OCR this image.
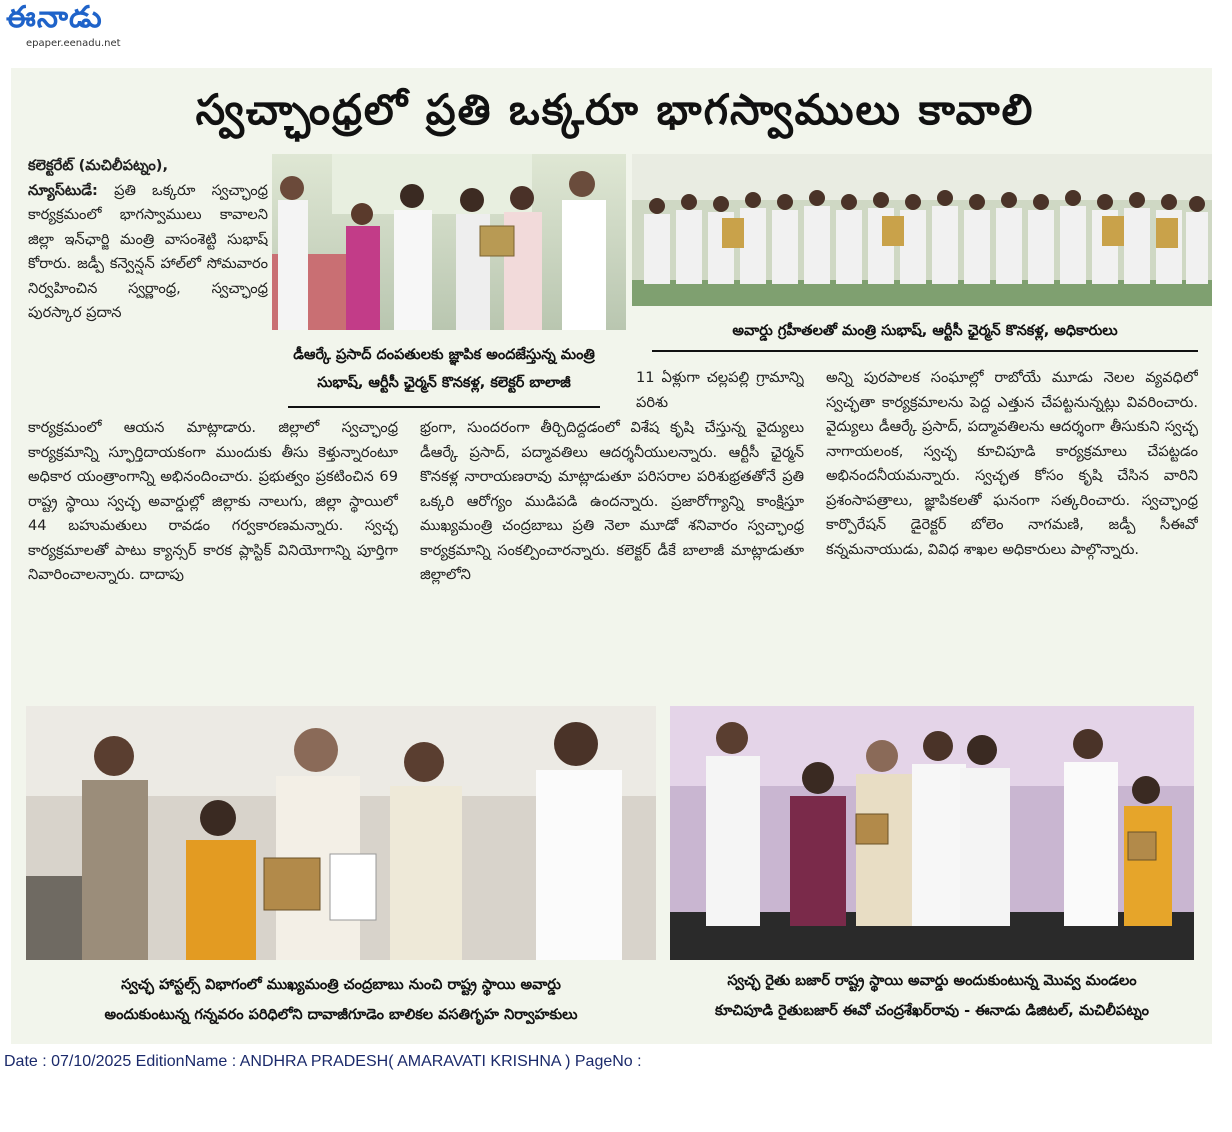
ఈనాడు
epaper.eenadu.net
స్వచ్ఛాంధ్రలో ప్రతి ఒక్కరూ భాగస్వాములు కావాలి
డీఆర్కే ప్రసాద్ దంపతులకు జ్ఞాపిక అందజేస్తున్న మంత్రి
సుభాష్, ఆర్టీసీ ఛైర్మన్ కొనకళ్ల, కలెక్టర్ బాలాజీ
అవార్డు గ్రహీతలతో మంత్రి సుభాష్, ఆర్టీసీ ఛైర్మన్ కొనకళ్ల, అధికారులు

కలెక్టరేట్ (మచిలీపట్నం),

న్యూస్‌టుడే: ప్రతి ఒక్కరూ స్వచ్ఛాంధ్ర కార్యక్రమంలో భాగస్వాములు కావాలని జిల్లా ఇన్‌ఛార్జి మంత్రి వాసంశెట్టి సుభాష్ కోరారు. జడ్పీ కన్వెన్షన్ హాల్‌లో సోమవారం నిర్వహించిన స్వర్ణాంధ్ర, స్వచ్ఛాంధ్ర పురస్కార ప్రదాన

కార్యక్రమంలో ఆయన మాట్లాడారు. జిల్లాలో స్వచ్ఛాంధ్ర కార్యక్రమాన్ని స్ఫూర్తిదాయకంగా ముందుకు తీసు కెళ్తున్నారంటూ అధికార యంత్రాంగాన్ని అభినందించారు. ప్రభుత్వం ప్రకటించిన 69 రాష్ట్ర స్థాయి స్వచ్ఛ అవార్డుల్లో జిల్లాకు నాలుగు, జిల్లా స్థాయిలో 44 బహుమతులు రావడం గర్వకారణమన్నారు. స్వచ్ఛ కార్యక్రమాలతో పాటు క్యాన్సర్ కారక ప్లాస్టిక్ వినియోగాన్ని పూర్తిగా నివారించాలన్నారు. దాదాపు

11 ఏళ్లుగా చల్లపల్లి గ్రామాన్ని పరిశు

భ్రంగా, సుందరంగా తీర్చిదిద్దడంలో విశేష కృషి చేస్తున్న వైద్యులు డీఆర్కే ప్రసాద్, పద్మావతిలు ఆదర్శనీయులన్నారు. ఆర్టీసీ ఛైర్మన్ కొనకళ్ల నారాయణరావు మాట్లాడుతూ పరిసరాల పరిశుభ్రతతోనే ప్రతి ఒక్కరి ఆరోగ్యం ముడిపడి ఉందన్నారు. ప్రజారోగ్యాన్ని కాంక్షిస్తూ ముఖ్యమంత్రి చంద్రబాబు ప్రతి నెలా మూడో శనివారం స్వచ్ఛాంధ్ర కార్యక్రమాన్ని సంకల్పించారన్నారు. కలెక్టర్ డీకే బాలాజీ మాట్లాడుతూ జిల్లాలోని

అన్ని పురపాలక సంఘాల్లో రాబోయే మూడు నెలల వ్యవధిలో స్వచ్ఛతా కార్యక్రమాలను పెద్ద ఎత్తున చేపట్టనున్నట్లు వివరించారు. వైద్యులు డీఆర్కే ప్రసాద్, పద్మావతిలను ఆదర్శంగా తీసుకుని స్వచ్ఛ నాగాయలంక, స్వచ్ఛ కూచిపూడి కార్యక్రమాలు చేపట్టడం అభినందనీయమన్నారు. స్వచ్ఛత కోసం కృషి చేసిన వారిని ప్రశంసాపత్రాలు, జ్ఞాపికలతో ఘనంగా సత్కరించారు. స్వచ్ఛాంధ్ర కార్పొరేషన్ డైరెక్టర్ బోలెం నాగమణి, జడ్పీ సీఈవో కన్నమనాయుడు, వివిధ శాఖల అధికారులు పాల్గొన్నారు.

స్వచ్ఛ హాస్టల్స్ విభాగంలో ముఖ్యమంత్రి చంద్రబాబు నుంచి రాష్ట్ర స్థాయి అవార్డు
అందుకుంటున్న గన్నవరం పరిధిలోని దావాజీగూడెం బాలికల వసతిగృహ నిర్వాహకులు
స్వచ్ఛ రైతు బజార్ రాష్ట్ర స్థాయి అవార్డు అందుకుంటున్న మొవ్వ మండలం
కూచిపూడి రైతుబజార్ ఈవో చంద్రశేఖర్‌రావు - ఈనాడు డిజిటల్, మచిలీపట్నం
Date : 07/10/2025 EditionName : ANDHRA PRADESH( AMARAVATI KRISHNA ) PageNo :
